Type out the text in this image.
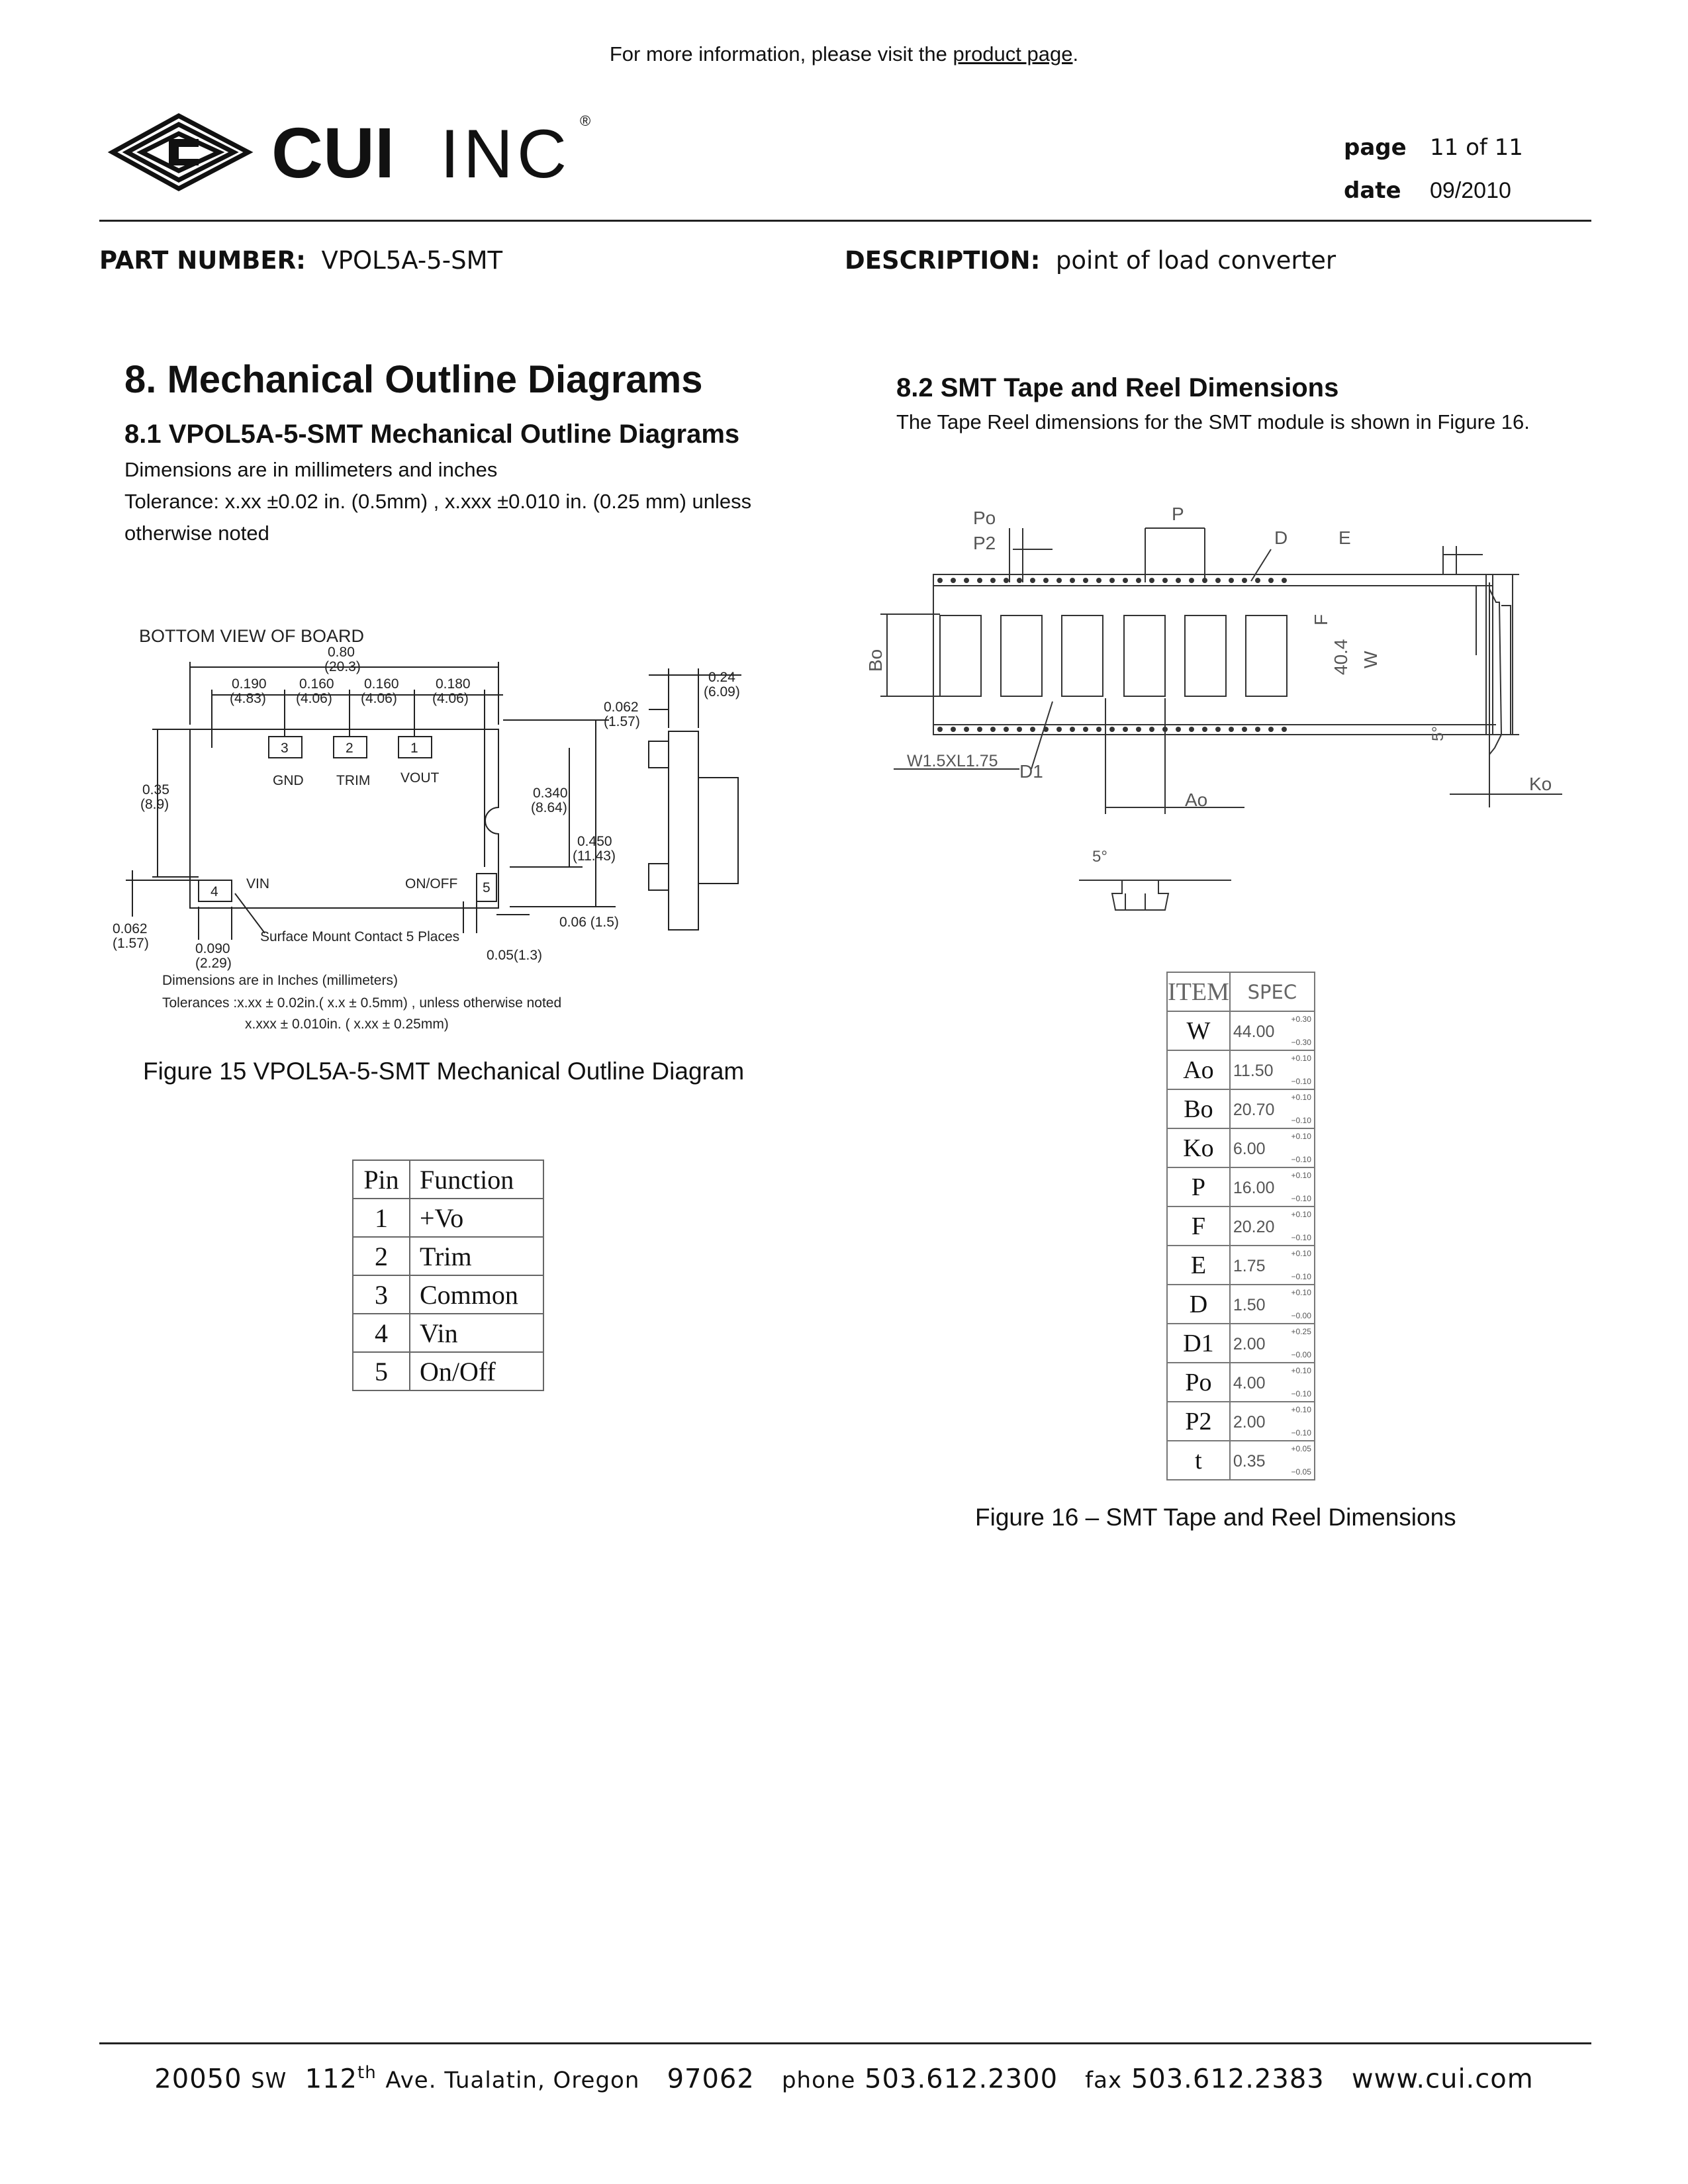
For more information, please visit the product page.
CUI INC ®
page 11 of 11
date 09/2010
PART NUMBER: VPOL5A-5-SMT	DESCRIPTION: point of load converter
8. Mechanical Outline Diagrams
8.1 VPOL5A-5-SMT Mechanical Outline Diagrams
Dimensions are in millimeters and inches
Tolerance: x.xx ±0.02 in. (0.5mm) , x.xxx ±0.010 in. (0.25 mm) unless
otherwise noted
8.2 SMT Tape and Reel Dimensions
The Tape Reel dimensions for the SMT module is shown in Figure 16.
BOTTOM VIEW OF BOARD
0.80
(20.3)
0.190
(4.83)
0.160
(4.06)
0.160
(4.06)
0.180
(4.06)
0.24
(6.09)
0.062
(1.57)
0.35
(8.9)
0.340
(8.64)
0.450
(11.43)
0.062
(1.57)	0.090
(2.29)
0.06 (1.5)
0.05(1.3)
3	2	1
4	5
GND TRIM VOUT
VIN	ON/OFF
Surface Mount Contact 5 Places
Dimensions are in Inches (millimeters)
Tolerances :x.xx ± 0.02in.( x.x ± 0.5mm) , unless otherwise noted
x.xxx ± 0.010in. ( x.xx ± 0.25mm)
Figure 15 VPOL5A-5-SMT Mechanical Outline Diagram
Pin	Function
1	+Vo
2	Trim
3	Common
4	Vin
5	On/Off
Po
P2
P
D	E
Bo
F
40.4 W
W1.5XL1.75 D1
Ao
5°
Ko
5°
ITEM	SPEC
W	44.00
+0.30
−0.30

Ao	11.50
+0.10
−0.10

Bo	20.70
+0.10
−0.10

Ko	6.00
+0.10
−0.10

P	16.00
+0.10
−0.10

F	20.20
+0.10
−0.10

E	1.75
+0.10
−0.10

D	1.50
+0.10
−0.00

D1	2.00
+0.25
−0.00

Po	4.00
+0.10
−0.10

P2	2.00
+0.10
−0.10

t	0.35
+0.05
−0.05
Figure 16 – SMT Tape and Reel Dimensions
20050 SW 112th Ave. Tualatin, Oregon 97062 phone 503.612.2300 fax 503.612.2383 www.cui.com
